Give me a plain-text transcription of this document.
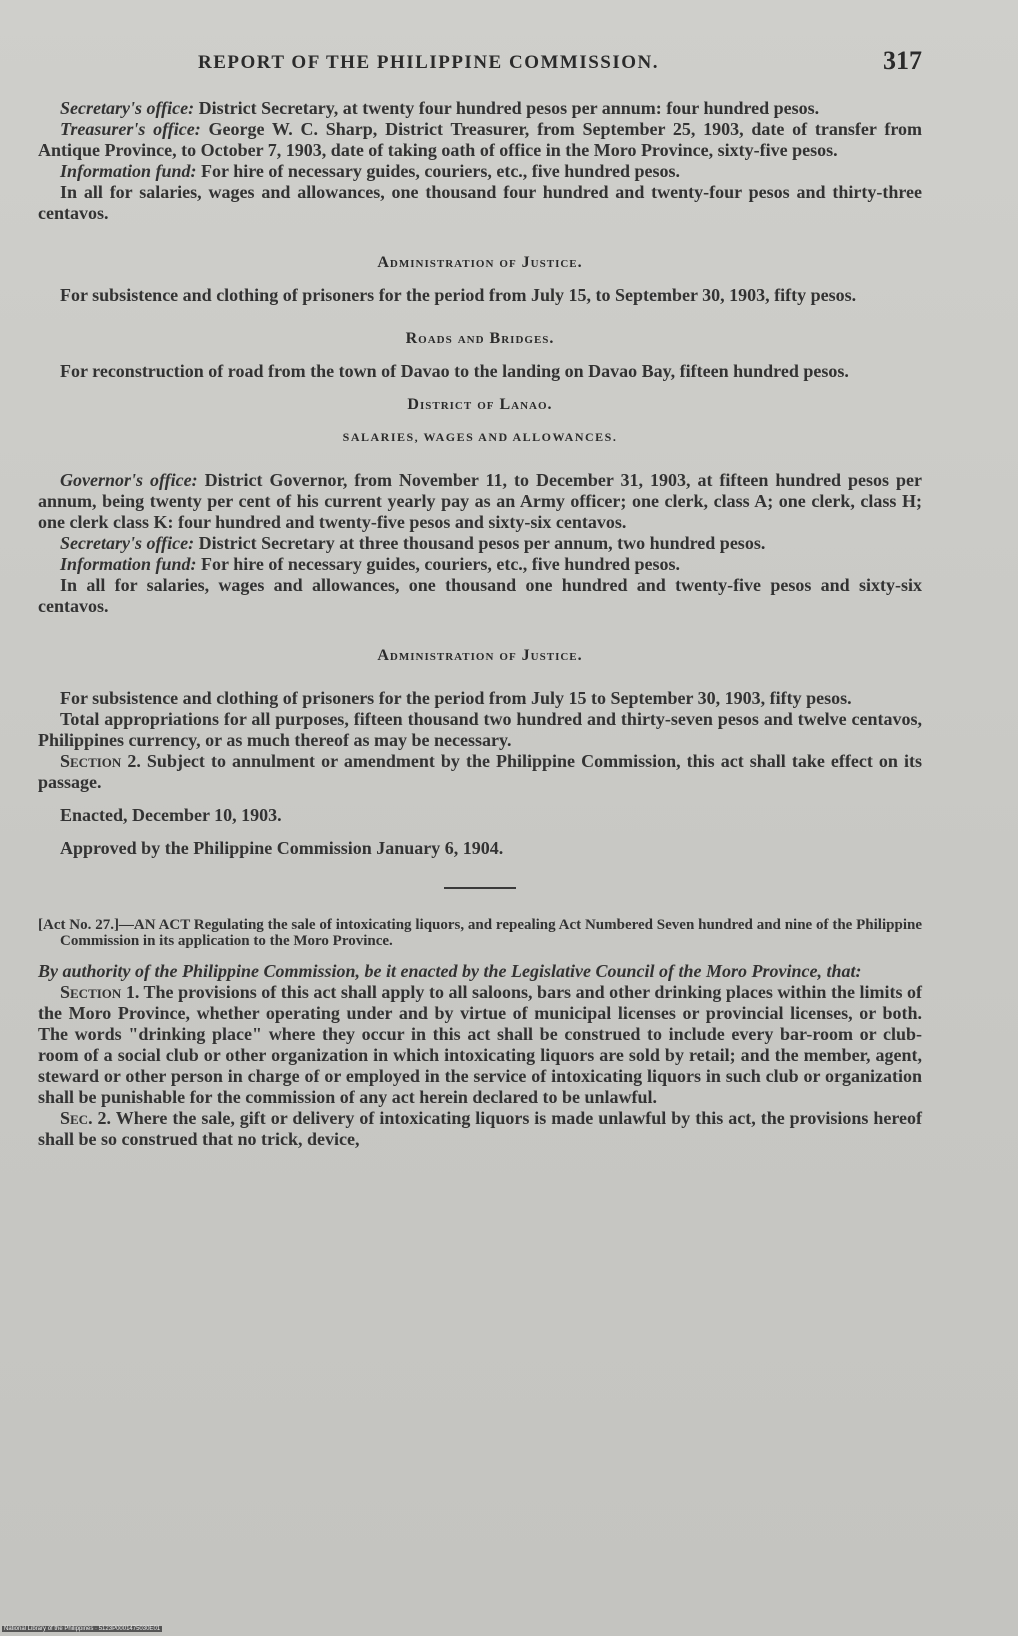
REPORT OF THE PHILIPPINE COMMISSION.	317

Secretary's office: District Secretary, at twenty four hundred pesos per annum: four hundred pesos.

Treasurer's office: George W. C. Sharp, District Treasurer, from September 25, 1903, date of transfer from Antique Province, to October 7, 1903, date of taking oath of office in the Moro Province, sixty-five pesos.

Information fund: For hire of necessary guides, couriers, etc., five hundred pesos.

In all for salaries, wages and allowances, one thousand four hundred and twenty-four pesos and thirty-three centavos.

Administration of Justice.

For subsistence and clothing of prisoners for the period from July 15, to September 30, 1903, fifty pesos.

Roads and Bridges.

For reconstruction of road from the town of Davao to the landing on Davao Bay, fifteen hundred pesos.

District of Lanao.
SALARIES, WAGES AND ALLOWANCES.

Governor's office: District Governor, from November 11, to December 31, 1903, at fifteen hundred pesos per annum, being twenty per cent of his current yearly pay as an Army officer; one clerk, class A; one clerk, class H; one clerk class K: four hundred and twenty-five pesos and sixty-six centavos.

Secretary's office: District Secretary at three thousand pesos per annum, two hundred pesos.

Information fund: For hire of necessary guides, couriers, etc., five hundred pesos.

In all for salaries, wages and allowances, one thousand one hundred and twenty-five pesos and sixty-six centavos.

Administration of Justice.

For subsistence and clothing of prisoners for the period from July 15 to September 30, 1903, fifty pesos.

Total appropriations for all purposes, fifteen thousand two hundred and thirty-seven pesos and twelve centavos, Philippines currency, or as much thereof as may be necessary.

Section 2. Subject to annulment or amendment by the Philippine Commission, this act shall take effect on its passage.

Enacted, December 10, 1903.

Approved by the Philippine Commission January 6, 1904.

[Act No. 27.]—AN ACT Regulating the sale of intoxicating liquors, and repealing Act Numbered Seven hundred and nine of the Philippine Commission in its application to the Moro Province.

By authority of the Philippine Commission, be it enacted by the Legislative Council of the Moro Province, that:

Section 1. The provisions of this act shall apply to all saloons, bars and other drinking places within the limits of the Moro Province, whether operating under and by virtue of municipal licenses or provincial licenses, or both. The words "drinking place" where they occur in this act shall be construed to include every bar-room or club-room of a social club or other organization in which intoxicating liquors are sold by retail; and the member, agent, steward or other person in charge of or employed in the service of intoxicating liquors in such club or organization shall be punishable for the commission of any act herein declared to be unlawful.

Sec. 2. Where the sale, gift or delivery of intoxicating liquors is made unlawful by this act, the provisions hereof shall be so construed that no trick, device,

National Library of the Philippines · 5123P0001475030E01
